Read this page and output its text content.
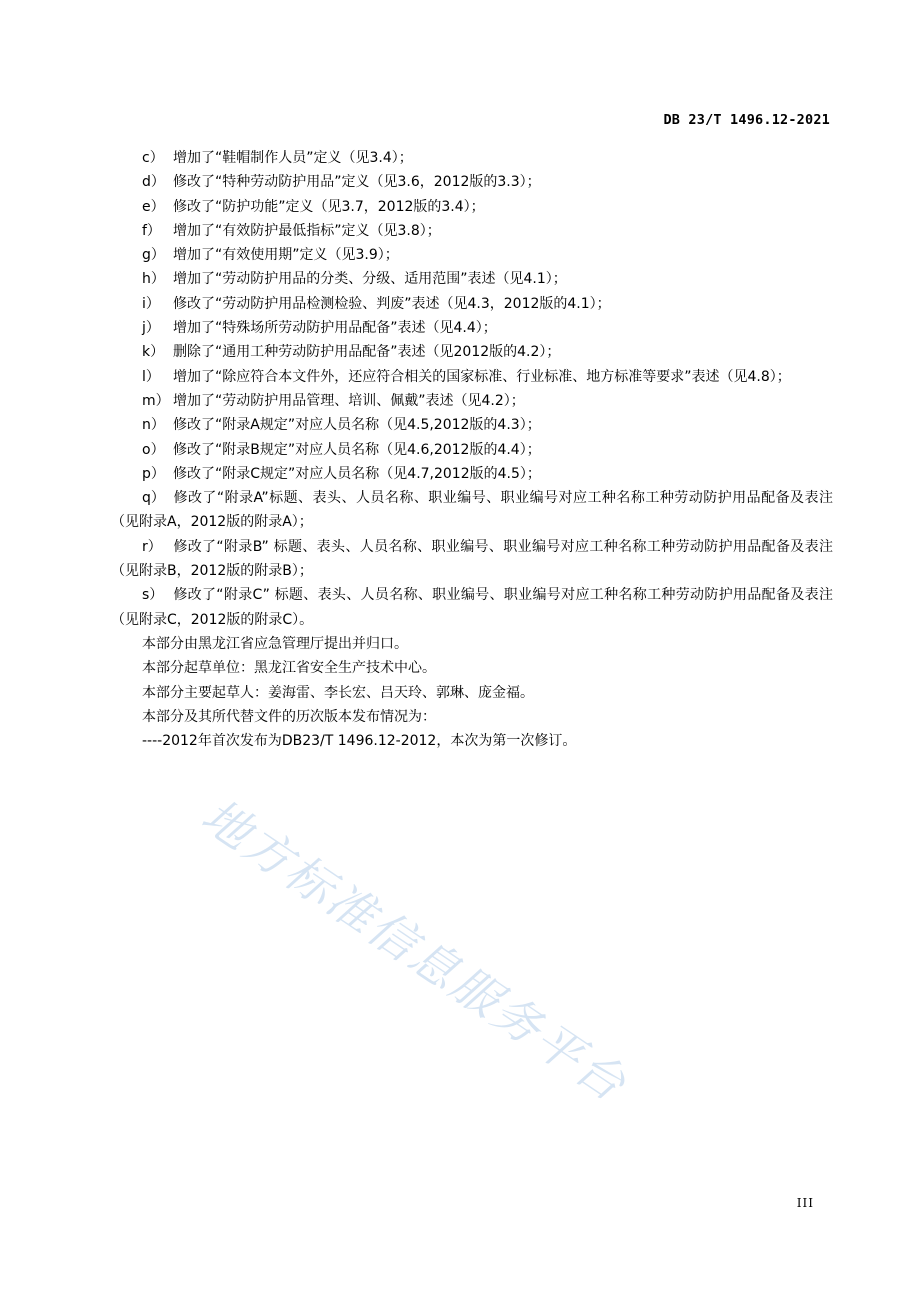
DB 23/T 1496.12-2021

c） 增加了“鞋帽制作人员”定义（见3.4）；

d） 修改了“特种劳动防护用品”定义（见3.6，2012版的3.3）；

e） 修改了“防护功能”定义（见3.7，2012版的3.4）；

f） 增加了“有效防护最低指标”定义（见3.8）；

g） 增加了“有效使用期”定义（见3.9）；

h） 增加了“劳动防护用品的分类、分级、适用范围”表述（见4.1）；

i） 修改了“劳动防护用品检测检验、判废”表述（见4.3，2012版的4.1）；

j） 增加了“特殊场所劳动防护用品配备”表述（见4.4）；

k） 删除了“通用工种劳动防护用品配备”表述（见2012版的4.2）；

l） 增加了“除应符合本文件外，还应符合相关的国家标准、行业标准、地方标准等要求”表述（见4.8）；

m） 增加了“劳动防护用品管理、培训、佩戴”表述（见4.2）；

n） 修改了“附录A规定”对应人员名称（见4.5,2012版的4.3）；

o） 修改了“附录B规定”对应人员名称（见4.6,2012版的4.4）；

p） 修改了“附录C规定”对应人员名称（见4.7,2012版的4.5）；

q） 修改了“附录A”标题、表头、人员名称、职业编号、职业编号对应工种名称工种劳动防护用品配备及表注（见附录A，2012版的附录A）；

r） 修改了“附录B” 标题、表头、人员名称、职业编号、职业编号对应工种名称工种劳动防护用品配备及表注（见附录B，2012版的附录B）；

s） 修改了“附录C” 标题、表头、人员名称、职业编号、职业编号对应工种名称工种劳动防护用品配备及表注（见附录C，2012版的附录C）。

本部分由黑龙江省应急管理厅提出并归口。

本部分起草单位：黑龙江省安全生产技术中心。

本部分主要起草人：姜海雷、李长宏、吕天玲、郭琳、庞金福。

本部分及其所代替文件的历次版本发布情况为：

----2012年首次发布为DB23/T 1496.12-2012，本次为第一次修订。

地方标准信息服务平台
III
